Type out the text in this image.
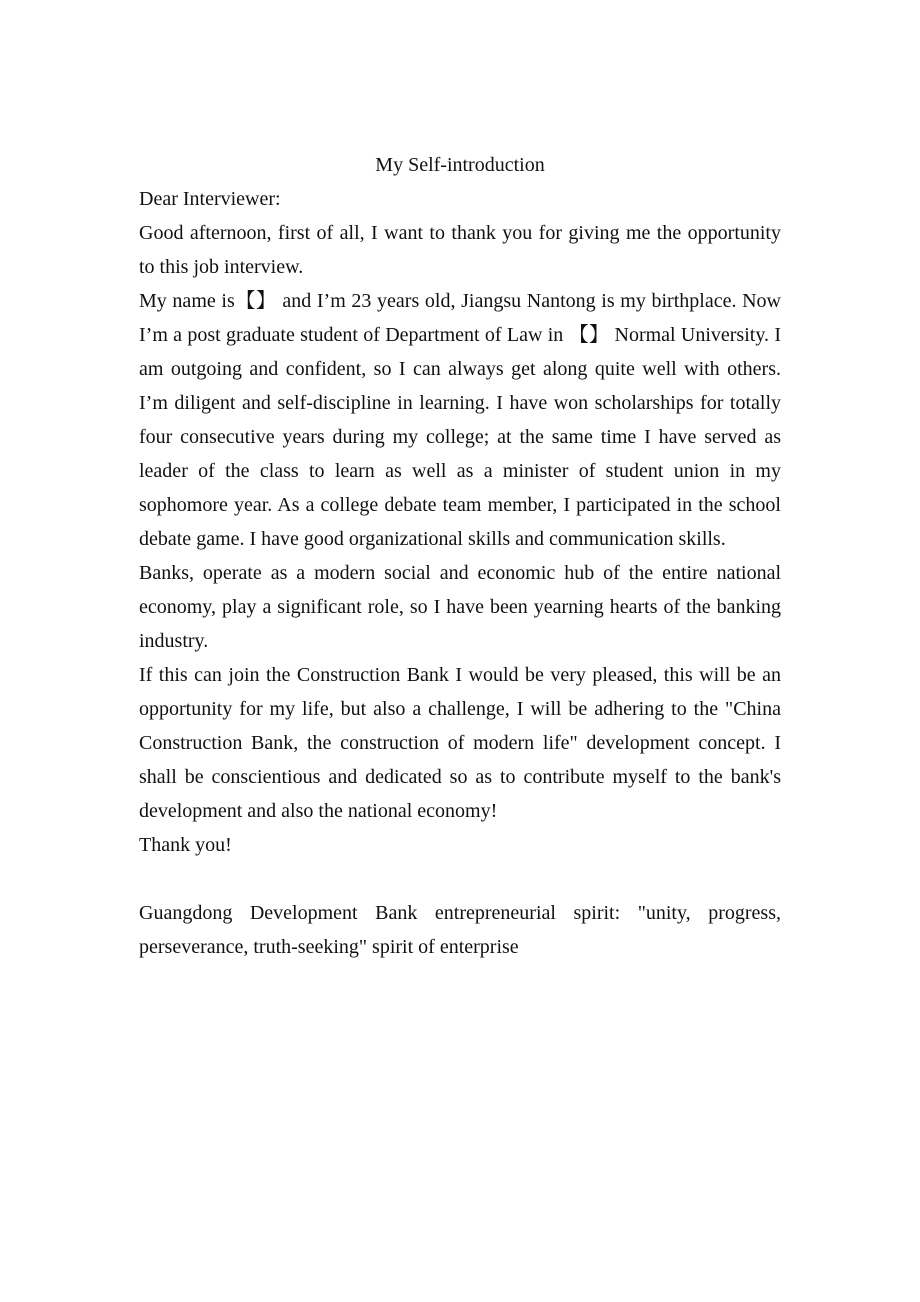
My Self-introduction

Dear Interviewer:

Good afternoon, first of all, I want to thank you for giving me the opportunity to this job interview.

My name is【】 and I’m 23 years old, Jiangsu Nantong is my birthplace. Now I’m a post graduate student of Department of Law in 【】 Normal University. I am outgoing and confident, so I can always get along quite well with others. I’m diligent and self-discipline in learning. I have won scholarships for totally four consecutive years during my college; at the same time I have served as leader of the class to learn as well as a minister of student union in my sophomore year. As a college debate team member, I participated in the school debate game. I have good organizational skills and communication skills.

Banks, operate as a modern social and economic hub of the entire national economy, play a significant role, so I have been yearning hearts of the banking industry.

If this can join the Construction Bank I would be very pleased, this will be an opportunity for my life, but also a challenge, I will be adhering to the "China Construction Bank, the construction of modern life" development concept. I shall be conscientious and dedicated so as to contribute myself to the bank's development and also the national economy!

Thank you!

Guangdong Development Bank entrepreneurial spirit: "unity, progress, perseverance, truth-seeking" spirit of enterprise
